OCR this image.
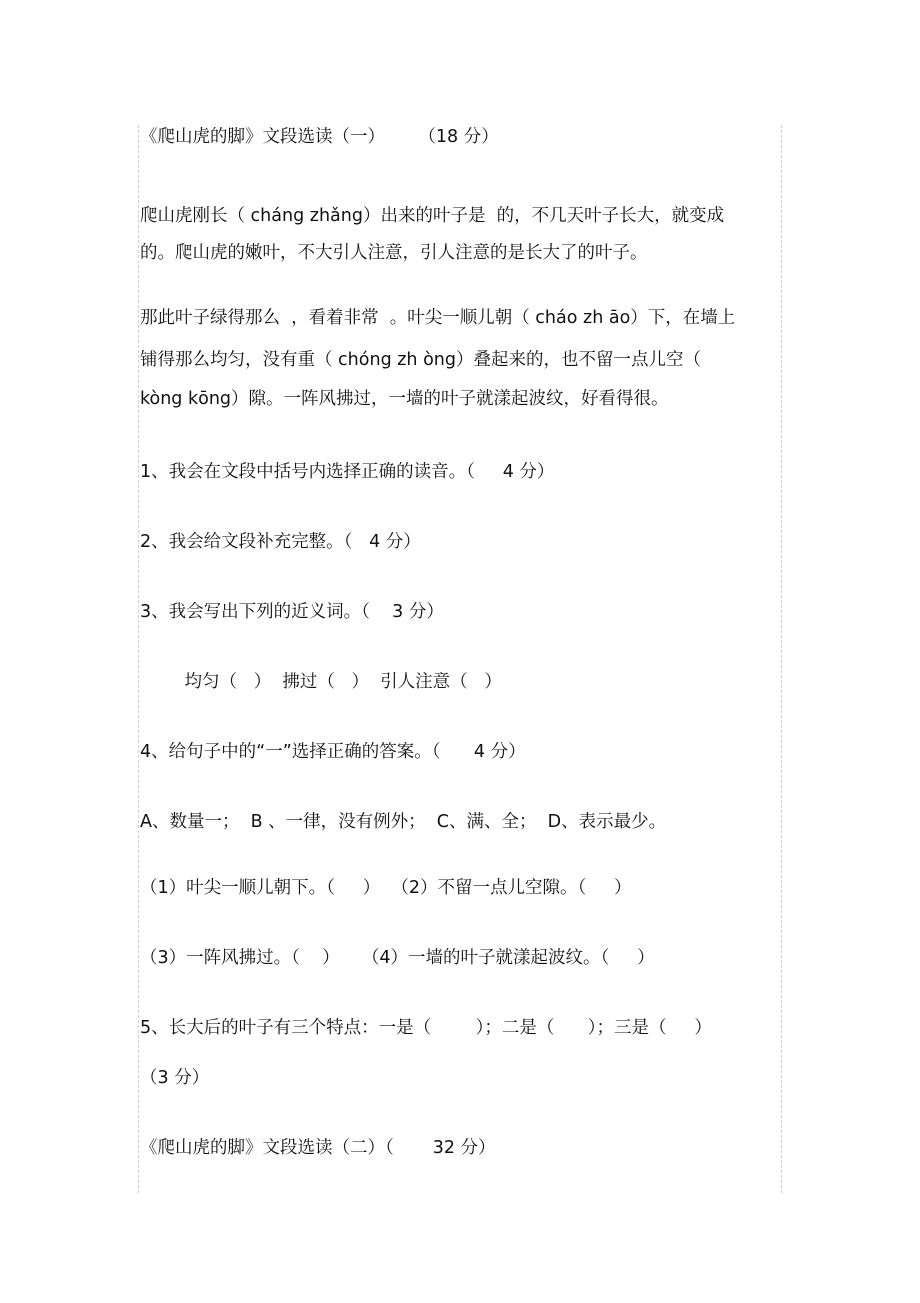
《爬山虎的脚》文段选读（一）      （18 分）
爬山虎刚长（ cháng zhǎng）出来的叶子是  的，不几天叶子长大，就变成
的。爬山虎的嫩叶，不大引人注意，引人注意的是长大了的叶子。
那此叶子绿得那么  ，看着非常  。叶尖一顺儿朝（ cháo zh āo）下，在墙上
铺得那么均匀，没有重（ chóng zh òng）叠起来的，也不留一点儿空（
kòng kōng）隙。一阵风拂过，一墙的叶子就漾起波纹，好看得很。
1、我会在文段中括号内选择正确的读音。（     4 分）
2、我会给文段补充完整。（   4 分）
3、我会写出下列的近义词。（    3 分）
均匀（   ）  拂过（   ）  引人注意（   ）
4、给句子中的“一”选择正确的答案。（      4 分）
A、数量一；  B 、一律，没有例外；  C、满、全；  D、表示最少。
（1）叶尖一顺儿朝下。（     ）  （2）不留一点儿空隙。（     ）
（3）一阵风拂过。（    ）    （4）一墙的叶子就漾起波纹。（     ）
5、长大后的叶子有三个特点：一是（        ）；二是（      ）；三是（     ）
（3 分）
《爬山虎的脚》文段选读（二）（       32 分）
